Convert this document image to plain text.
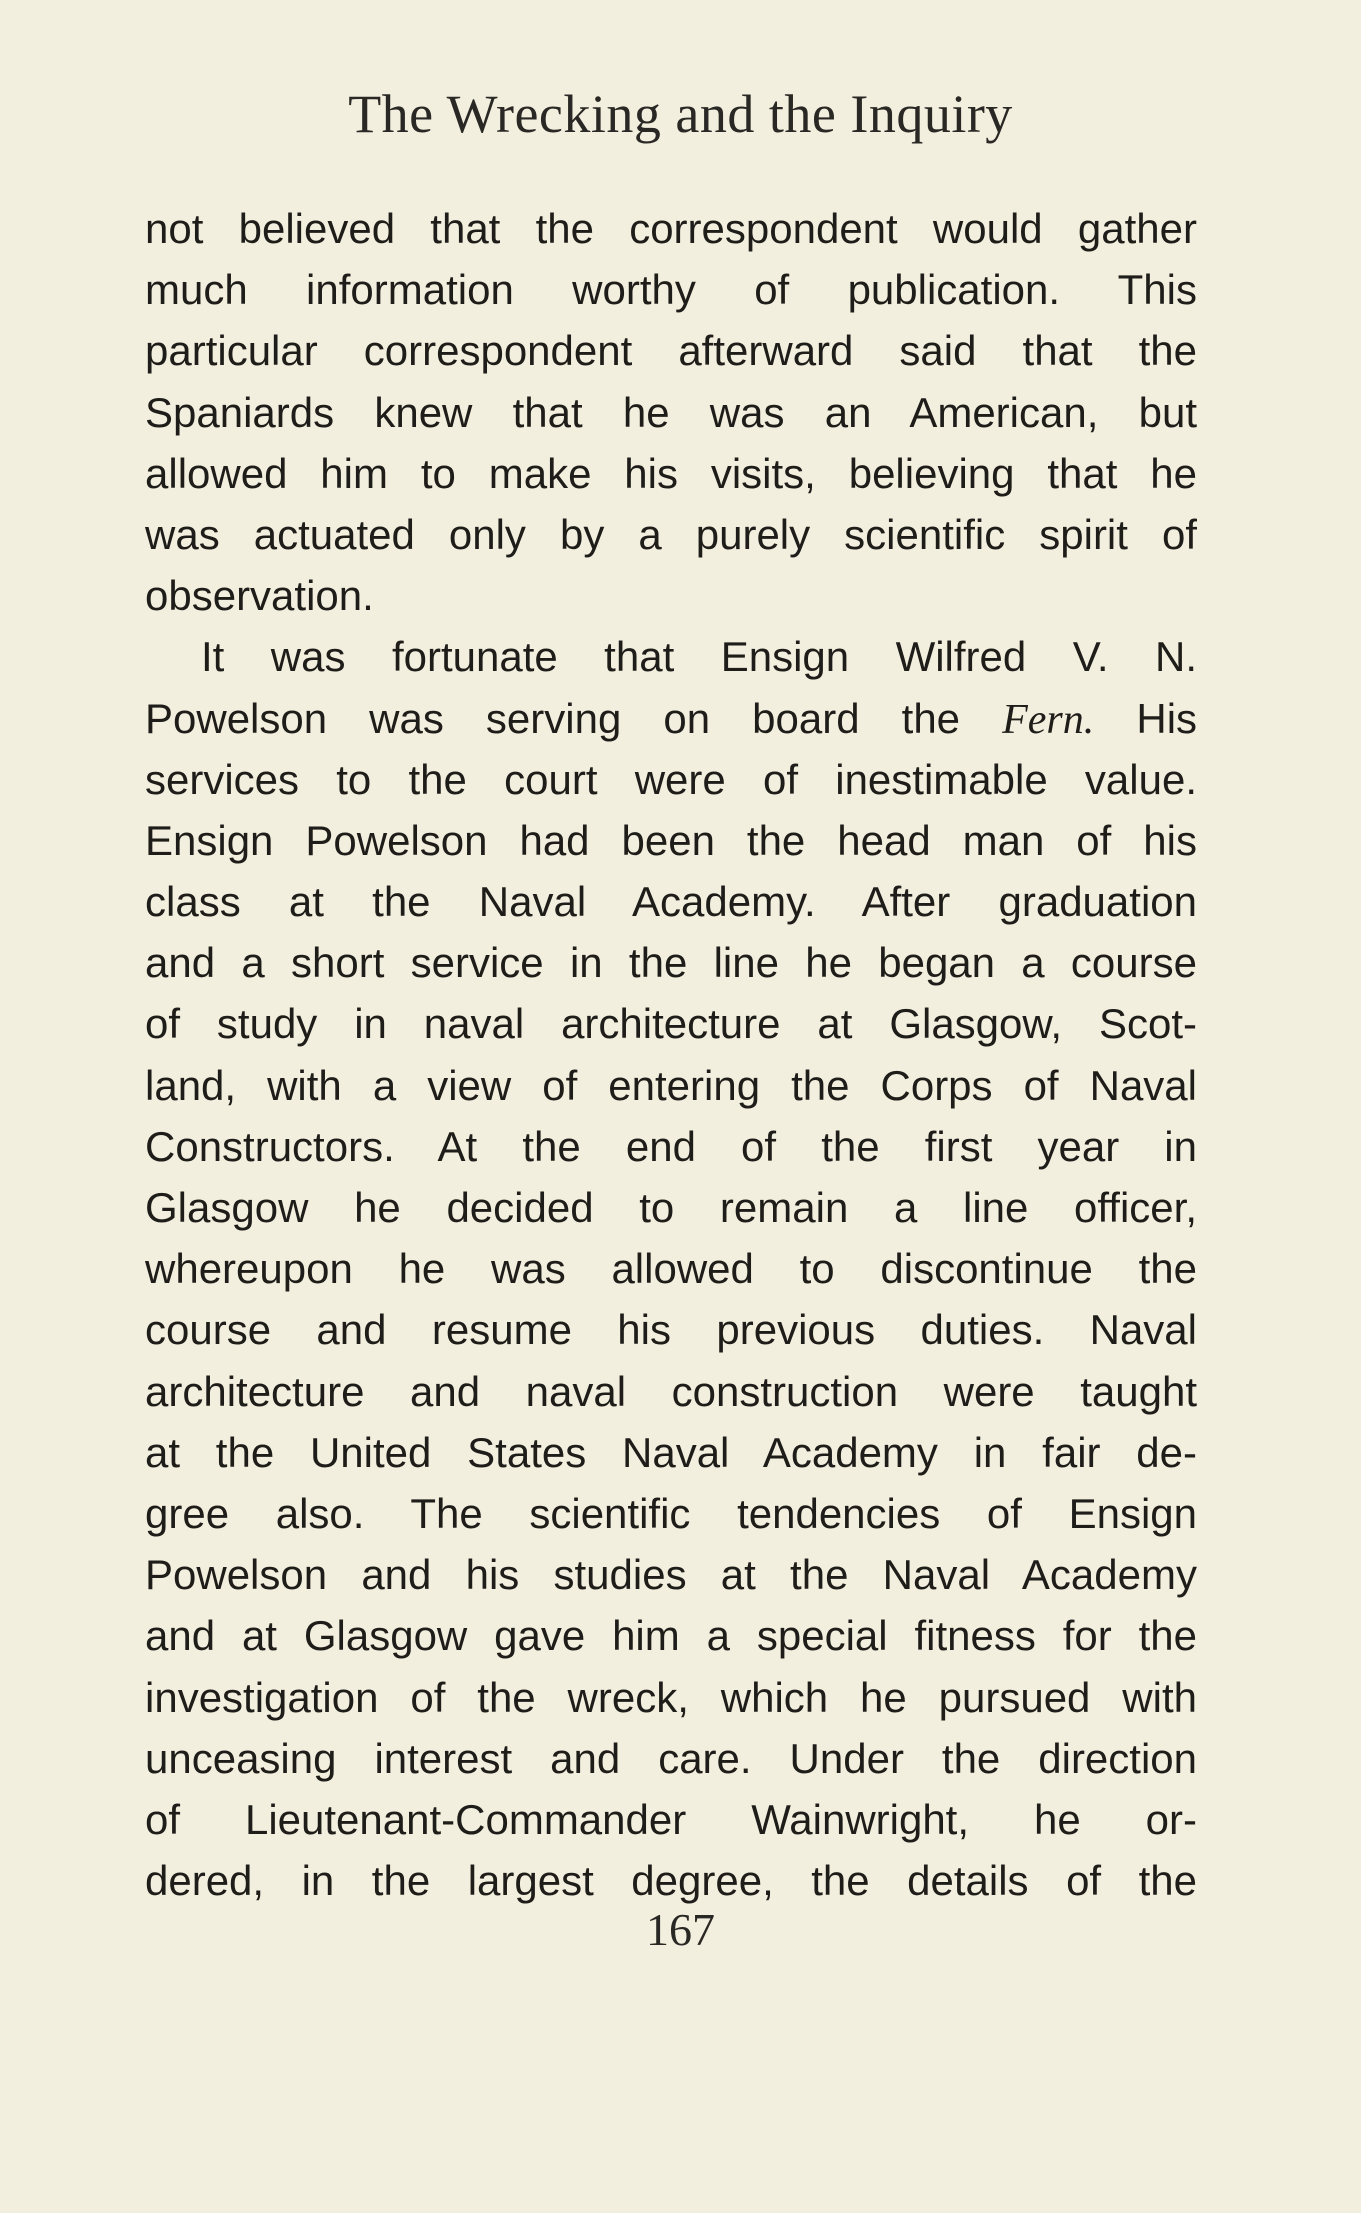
The Wrecking and the Inquiry
not believed that the correspondent would gather
much information worthy of publication. This
particular correspondent afterward said that the
Spaniards knew that he was an American, but
allowed him to make his visits, believing that he
was actuated only by a purely scientific spirit of
observation.
It was fortunate that Ensign Wilfred V. N.
Powelson was serving on board the Fern. His
services to the court were of inestimable value.
Ensign Powelson had been the head man of his
class at the Naval Academy. After graduation
and a short service in the line he began a course
of study in naval architecture at Glasgow, Scot-
land, with a view of entering the Corps of Naval
Constructors. At the end of the first year in
Glasgow he decided to remain a line officer,
whereupon he was allowed to discontinue the
course and resume his previous duties. Naval
architecture and naval construction were taught
at the United States Naval Academy in fair de-
gree also. The scientific tendencies of Ensign
Powelson and his studies at the Naval Academy
and at Glasgow gave him a special fitness for the
investigation of the wreck, which he pursued with
unceasing interest and care. Under the direction
of Lieutenant-Commander Wainwright, he or-
dered, in the largest degree, the details of the
167
